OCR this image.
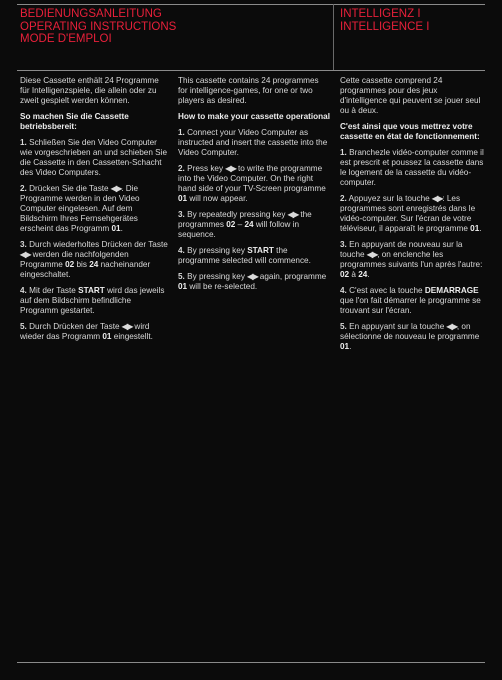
BEDIENUNGSANLEITUNG
OPERATING INSTRUCTIONS
MODE D'EMPLOI
INTELLIGENZ I
INTELLIGENCE I

Diese Cassette enthält 24 Programme für Intelligenzspiele, die allein oder zu zweit gespielt werden können.

So machen Sie die Cassette betriebsbereit:

1. Schließen Sie den Video Computer wie vorgeschrieben an und schieben Sie die Cassette in den Cassetten-Schacht des Video Computers.

2. Drücken Sie die Taste ◀▶. Die Programme werden in den Video Computer eingelesen. Auf dem Bildschirm Ihres Fernsehgerätes erscheint das Programm 01.

3. Durch wiederholtes Drücken der Taste ◀▶ werden die nachfolgenden Programme 02 bis 24 nacheinander eingeschaltet.

4. Mit der Taste START wird das jeweils auf dem Bildschirm befindliche Programm gestartet.

5. Durch Drücken der Taste ◀▶ wird wieder das Programm 01 eingestellt.

This cassette contains 24 programmes for intelligence-games, for one or two players as desired.

How to make your cassette operational

1. Connect your Video Computer as instructed and insert the cassette into the Video Computer.

2. Press key ◀▶ to write the programme into the Video Computer. On the right hand side of your TV-Screen programme 01 will now appear.

3. By repeatedly pressing key ◀▶ the programmes 02 – 24 will follow in sequence.

4. By pressing key START the programme selected will commence.

5. By pressing key ◀▶ again, programme 01 will be re-selected.

Cette cassette comprend 24 programmes pour des jeux d'intelligence qui peuvent se jouer seul ou à deux.

C'est ainsi que vous mettrez votre cassette en état de fonctionnement:

1. Branchezle vidéo-computer comme il est prescrit et poussez la cassette dans le logement de la cassette du vidéo-computer.

2. Appuyez sur la touche ◀▶: Les programmes sont enregistrés dans le vidéo-computer. Sur l'écran de votre téléviseur, il apparaît le programme 01.

3. En appuyant de nouveau sur la touche ◀▶, on enclenche les programmes suivants l'un après l'autre: 02 à 24.

4. C'est avec la touche DEMARRAGE que l'on fait démarrer le programme se trouvant sur l'écran.

5. En appuyant sur la touche ◀▶, on sélectionne de nouveau le programme 01.
